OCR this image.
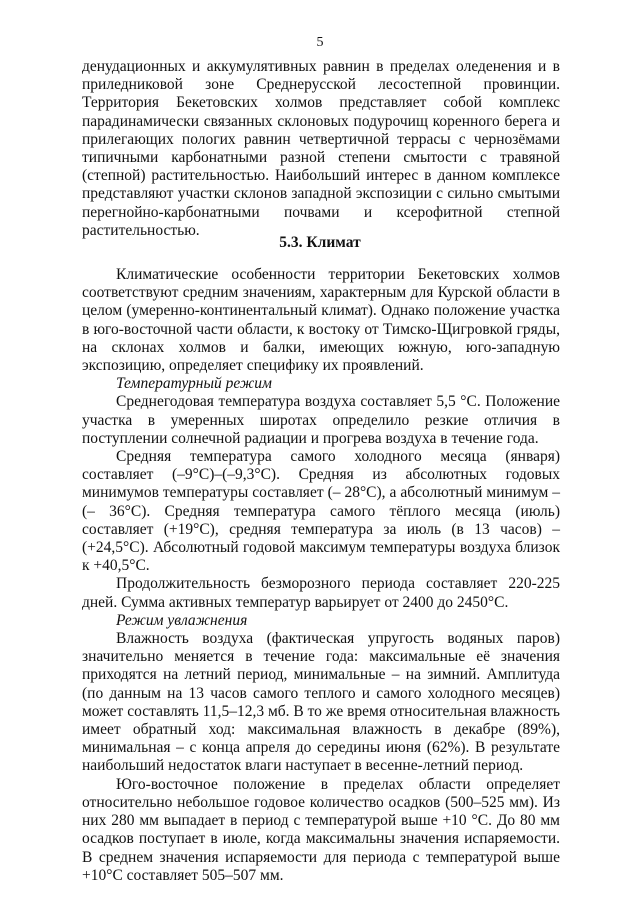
5

денудационных и аккумулятивных равнин в пределах оледенения и в приледниковой зоне Среднерусской лесостепной провинции. Территория Бекетовских холмов представляет собой комплекс парадинамически связанных склоновых подурочищ коренного берега и прилегающих пологих равнин четвертичной террасы с чернозёмами типичными карбонатными разной степени смытости с травяной (степной) растительностью. Наибольший интерес в данном комплексе представляют участки склонов западной экспозиции с сильно смытыми перегнойно-карбонатными почвами и ксерофитной степной растительностью.

5.3. Климат

Климатические особенности территории Бекетовских холмов соответствуют средним значениям, характерным для Курской области в целом (умеренно-континентальный климат). Однако положение участка в юго-восточной части области, к востоку от Тимско-Щигровкой гряды, на склонах холмов и балки, имеющих южную, юго-западную экспозицию, определяет специфику их проявлений.

Температурный режим

Среднегодовая температура воздуха составляет 5,5 °С. Положение участка в умеренных широтах определило резкие отличия в поступлении солнечной радиации и прогрева воздуха в течение года.

Средняя температура самого холодного месяца (января) составляет (–9°С)–(–9,3°С). Средняя из абсолютных годовых минимумов температуры составляет (– 28°С), а абсолютный минимум – (– 36°С). Средняя температура самого тёплого месяца (июль) составляет (+19°С), средняя температура за июль (в 13 часов) – (+24,5°С). Абсолютный годовой максимум температуры воздуха близок к +40,5°С.

Продолжительность безморозного периода составляет 220-225 дней. Сумма активных температур варьирует от 2400 до 2450°С.

Режим увлажнения

Влажность воздуха (фактическая упругость водяных паров) значительно меняется в течение года: максимальные её значения приходятся на летний период, минимальные – на зимний. Амплитуда (по данным на 13 часов самого теплого и самого холодного месяцев) может составлять 11,5–12,3 мб. В то же время относительная влажность имеет обратный ход: максимальная влажность в декабре (89%), минимальная – с конца апреля до середины июня (62%). В результате наибольший недостаток влаги наступает в весенне-летний период.

Юго-восточное положение в пределах области определяет относительно небольшое годовое количество осадков (500–525 мм). Из них 280 мм выпадает в период с температурой выше +10 °С. До 80 мм осадков поступает в июле, когда максимальны значения испаряемости. В среднем значения испаряемости для периода с температурой выше +10°С составляет 505–507 мм.
